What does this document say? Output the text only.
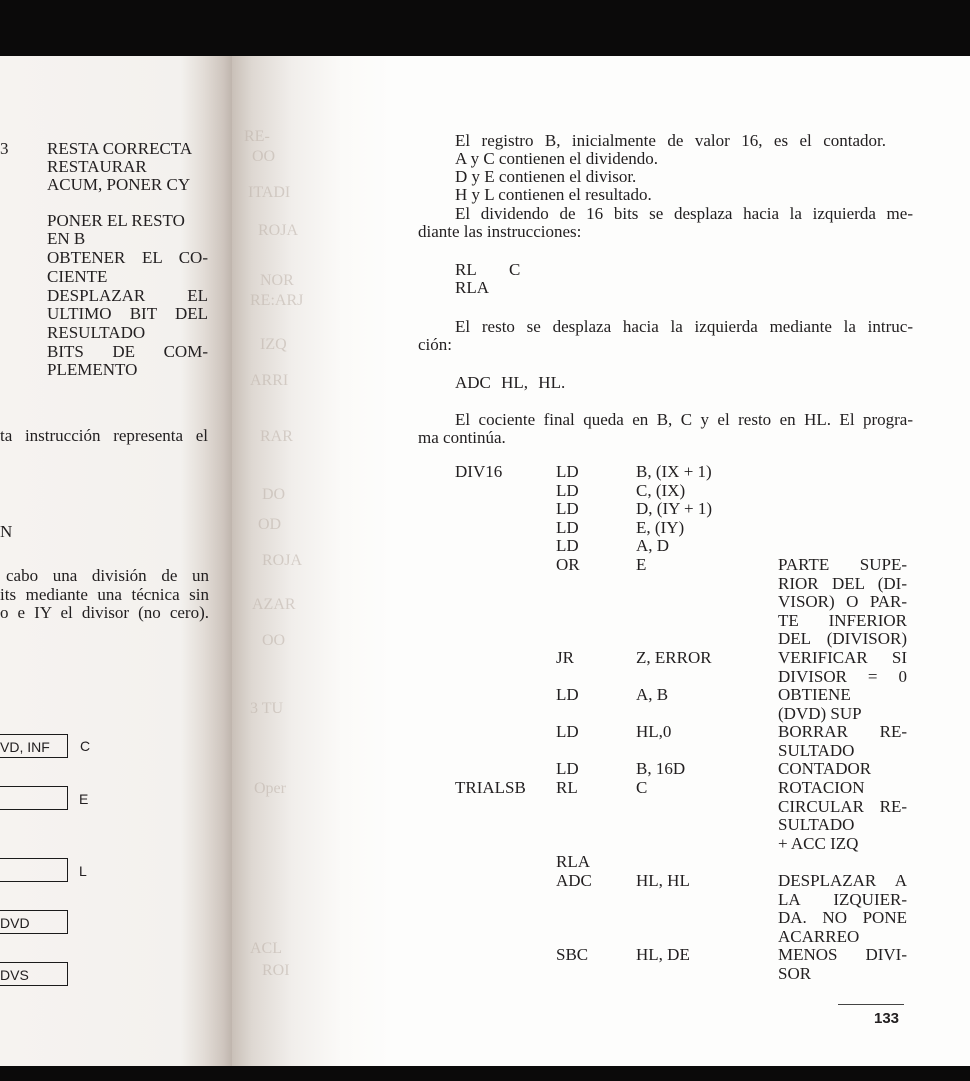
RE-
OO
ITADI
ROJA
NOR
RE:ARJ
IZQ
ARRI
RAR
DO
OD
ROJA
AZAR
OO
3 TU
Oper
ACL
ROI
3 RESTA CORRECTA
RESTAURAR
ACUM, PONER CY
PONER EL RESTO
EN B
OBTENER EL CO-
CIENTE
DESPLAZAR EL
ULTIMO BIT DEL
RESULTADO
BITS DE COM-
PLEMENTO
ta instrucción representa el
N
cabo una división de un
its mediante una técnica sin
o e IY el divisor (no cero).
VD, INF	C
E
L
DVD
DVS
El registro B, inicialmente de valor 16, es el contador.
A y C contienen el dividendo.
D y E contienen el divisor.
H y L contienen el resultado.
El dividendo de 16 bits se desplaza hacia la izquierda me-
diante las instrucciones:
RL C
RLA
El resto se desplaza hacia la izquierda mediante la intruc-
ción:
ADC HL, HL.
El cociente final queda en B, C y el resto en HL. El progra-
ma continúa.
DIV16	LD	B, (IX + 1)
LD	C, (IX)
LD	D, (IY + 1)
LD	E, (IY)
LD	A, D
OR	E	PARTE SUPE-
RIOR DEL (DI-
VISOR) O PAR-
TE INFERIOR
DEL (DIVISOR)
JR	Z, ERROR	VERIFICAR SI
DIVISOR = 0
LD	A, B	OBTIENE
(DVD) SUP
LD	HL,0	BORRAR RE-
SULTADO
LD	B, 16D	CONTADOR
TRIALSB RL	C	ROTACION
CIRCULAR RE-
SULTADO
+ ACC IZQ
RLA
ADC	HL, HL	DESPLAZAR A
LA IZQUIER-
DA. NO PONE
ACARREO
SBC	HL, DE	MENOS DIVI-
SOR
133
